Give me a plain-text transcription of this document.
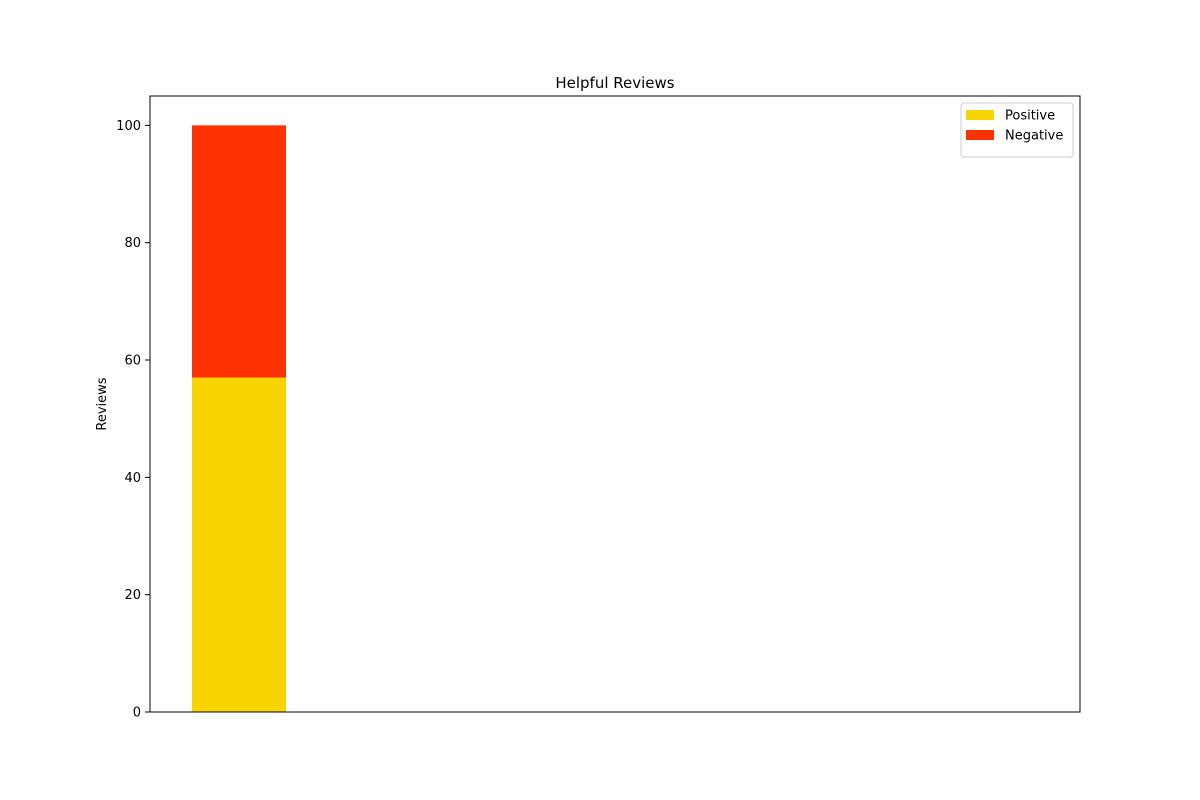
0
20
40
60
80
100
Helpful Reviews
Reviews
Positive
Negative
